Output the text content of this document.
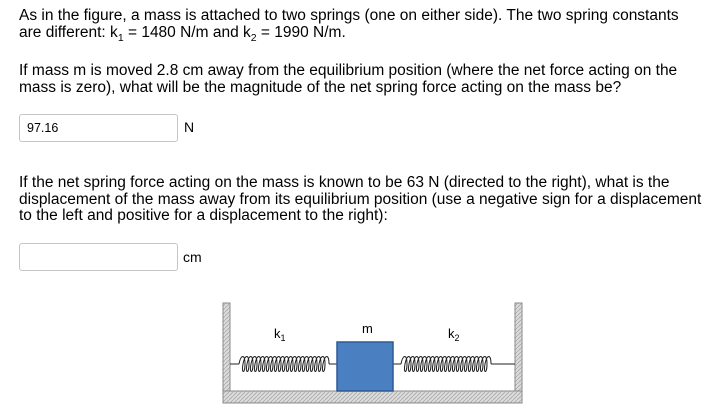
As in the figure, a mass is attached to two springs (one on either side). The two spring constants
are different: $k_1 = 1480$ N/m and $k_2 = 1990$ N/m.

If mass m is moved 2.8 cm away from the equilibrium position (where the net force acting on the mass is zero), what will be the magnitude of the net spring force acting on the mass be?

97.16
N

If the net spring force acting on the mass is known to be 63 N (directed to the right), what is the displacement of the mass away from its equilibrium position (use a negative sign for a displacement to the left and positive for a displacement to the right):

cm
m
$k_1$	$k_2$
